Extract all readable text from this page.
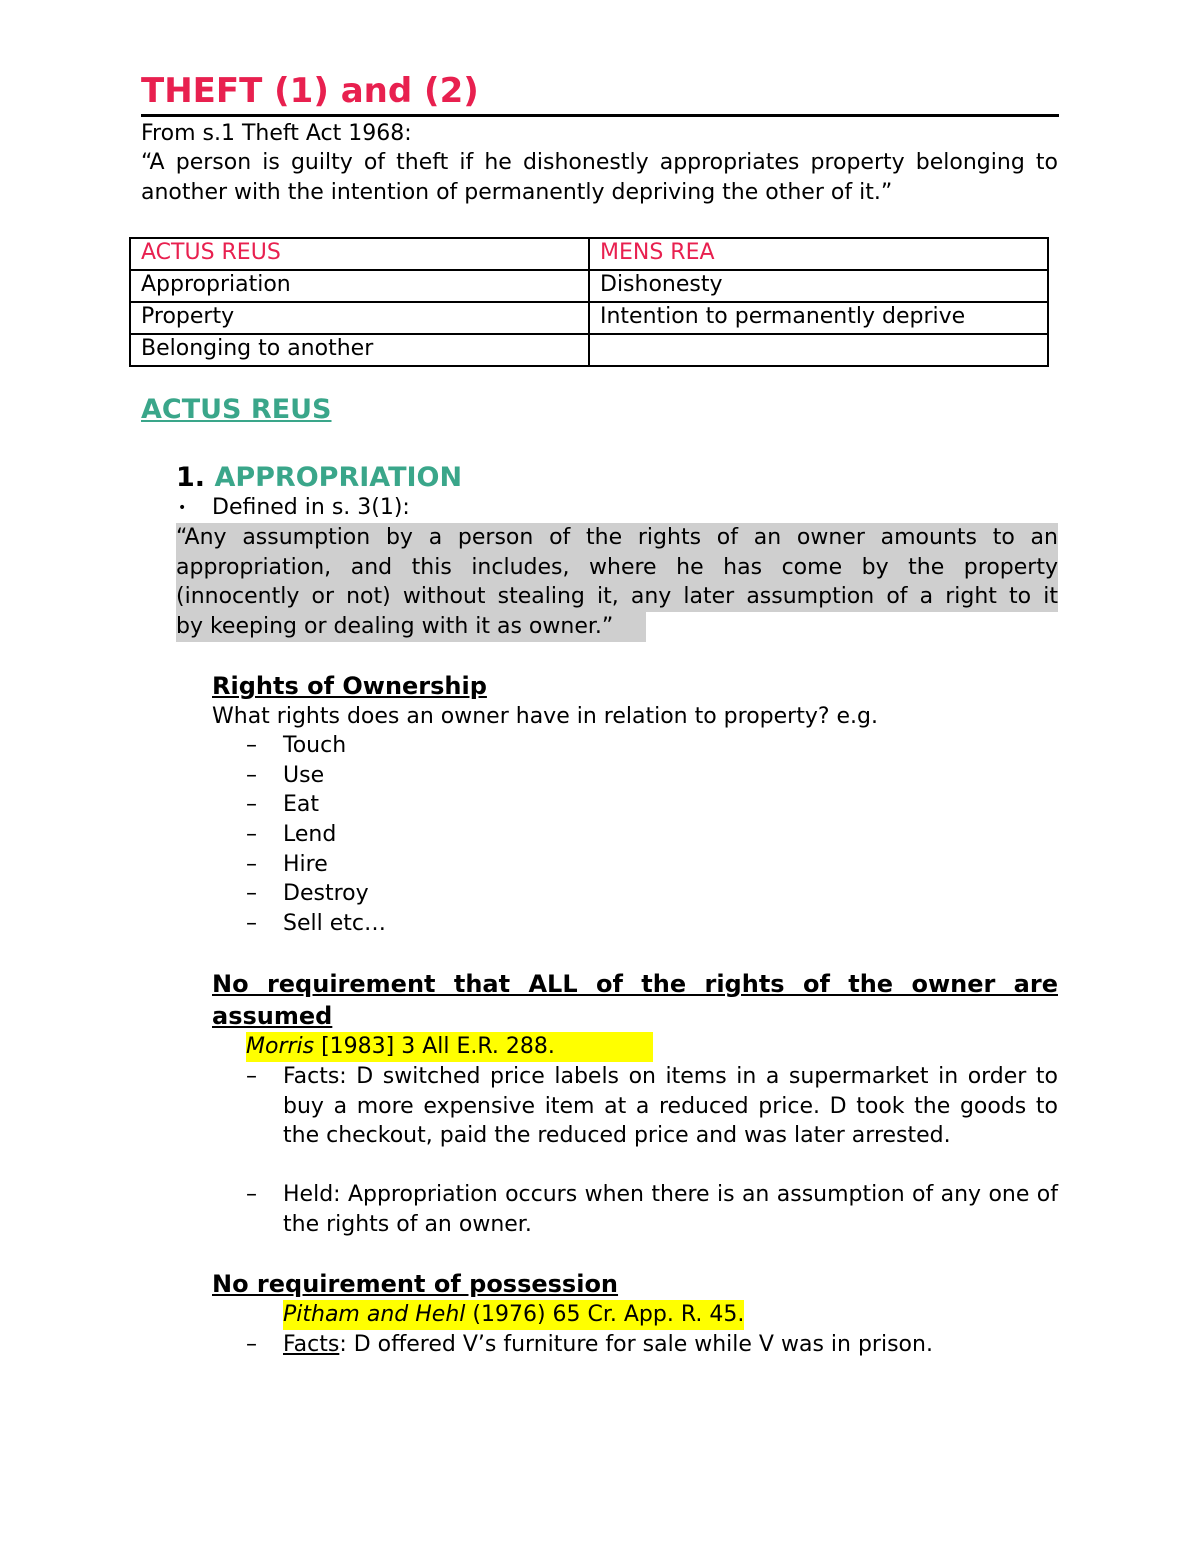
THEFT (1) and (2)

From s.1 Theft Act 1968:

“A person is guilty of theft if he dishonestly appropriates property belonging to another with the intention of permanently depriving the other of it.”

ACTUS REUS	MENS REA
Appropriation	Dishonesty
Property	Intention to permanently deprive
Belonging to another	
ACTUS REUS
1. APPROPRIATION
• Defined in s. 3(1):
“Any assumption by a person of the rights of an owner amounts to an
appropriation, and this includes, where he has come by the property
(innocently or not) without stealing it, any later assumption of a right to it
by keeping or dealing with it as owner.”
Rights of Ownership

What rights does an owner have in relation to property? e.g.

– Touch
– Use
– Eat
– Lend
– Hire
– Destroy
– Sell etc…
No requirement that ALL of the rights of the owner are assumed
Morris [1983] 3 All E.R. 288.
– Facts: D switched price labels on items in a supermarket in order to buy a more expensive item at a reduced price. D took the goods to the checkout, paid the reduced price and was later arrested.
– Held: Appropriation occurs when there is an assumption of any one of the rights of an owner.
No requirement of possession
Pitham and Hehl (1976) 65 Cr. App. R. 45.
– Facts: D offered V’s furniture for sale while V was in prison.
